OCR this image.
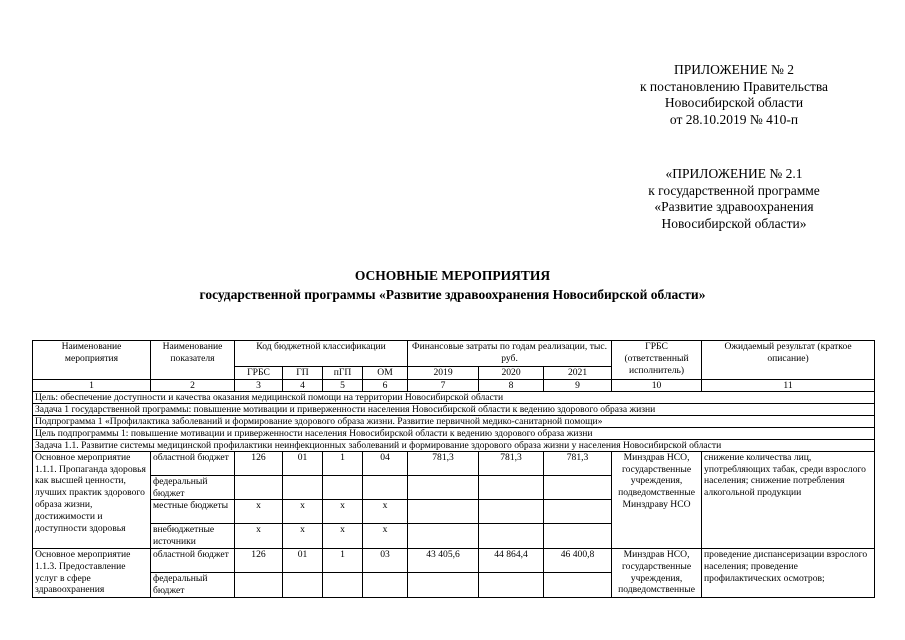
ПРИЛОЖЕНИЕ № 2
к постановлению Правительства
Новосибирской области
от 28.10.2019 № 410-п
«ПРИЛОЖЕНИЕ № 2.1
к государственной программе
«Развитие здравоохранения
Новосибирской области»
ОСНОВНЫЕ МЕРОПРИЯТИЯ
государственной программы «Развитие здравоохранения Новосибирской области»
Наименование мероприятия	Наименование показателя	Код бюджетной классификации				Финансовые затраты по годам реализации, тыс. руб.			ГРБС (ответственный исполнитель)	Ожидаемый результат (краткое описание)
		ГРБС	ГП	пГП	ОМ	2019	2020	2021		
1	2	3	4	5	6	7	8	9	10	11
Цель: обеспечение доступности и качества оказания медицинской помощи на территории Новосибирской области										
Задача 1 государственной программы: повышение мотивации и приверженности населения Новосибирской области к ведению здорового образа жизни										
Подпрограмма 1 «Профилактика заболеваний и формирование здорового образа жизни. Развитие первичной медико-санитарной помощи»										
Цель подпрограммы 1: повышение мотивации и приверженности населения Новосибирской области к ведению здорового образа жизни										
Задача 1.1. Развитие системы медицинской профилактики неинфекционных заболеваний и формирование здорового образа жизни у населения Новосибирской области										
Основное мероприятие 1.1.1. Пропаганда здоровья как высшей ценности, лучших практик здорового образа жизни, достижимости и доступности здоровья	областной бюджет	126	01	1	04	781,3	781,3	781,3	Минздрав НСО, государственные учреждения, подведомственные Минздраву НСО	снижение количества лиц, употребляющих табак, среди взрослого населения; снижение потребления алкогольной продукции
	федеральный бюджет									
	местные бюджеты	х	х	х	х					
	внебюджетные источники	х	х	х	х					
Основное мероприятие 1.1.3. Предоставление услуг в сфере здравоохранения	областной бюджет	126	01	1	03	43 405,6	44 864,4	46 400,8	Минздрав НСО, государственные учреждения, подведомственные	проведение диспансеризации взрослого населения; проведение профилактических осмотров;
	федеральный бюджет									
